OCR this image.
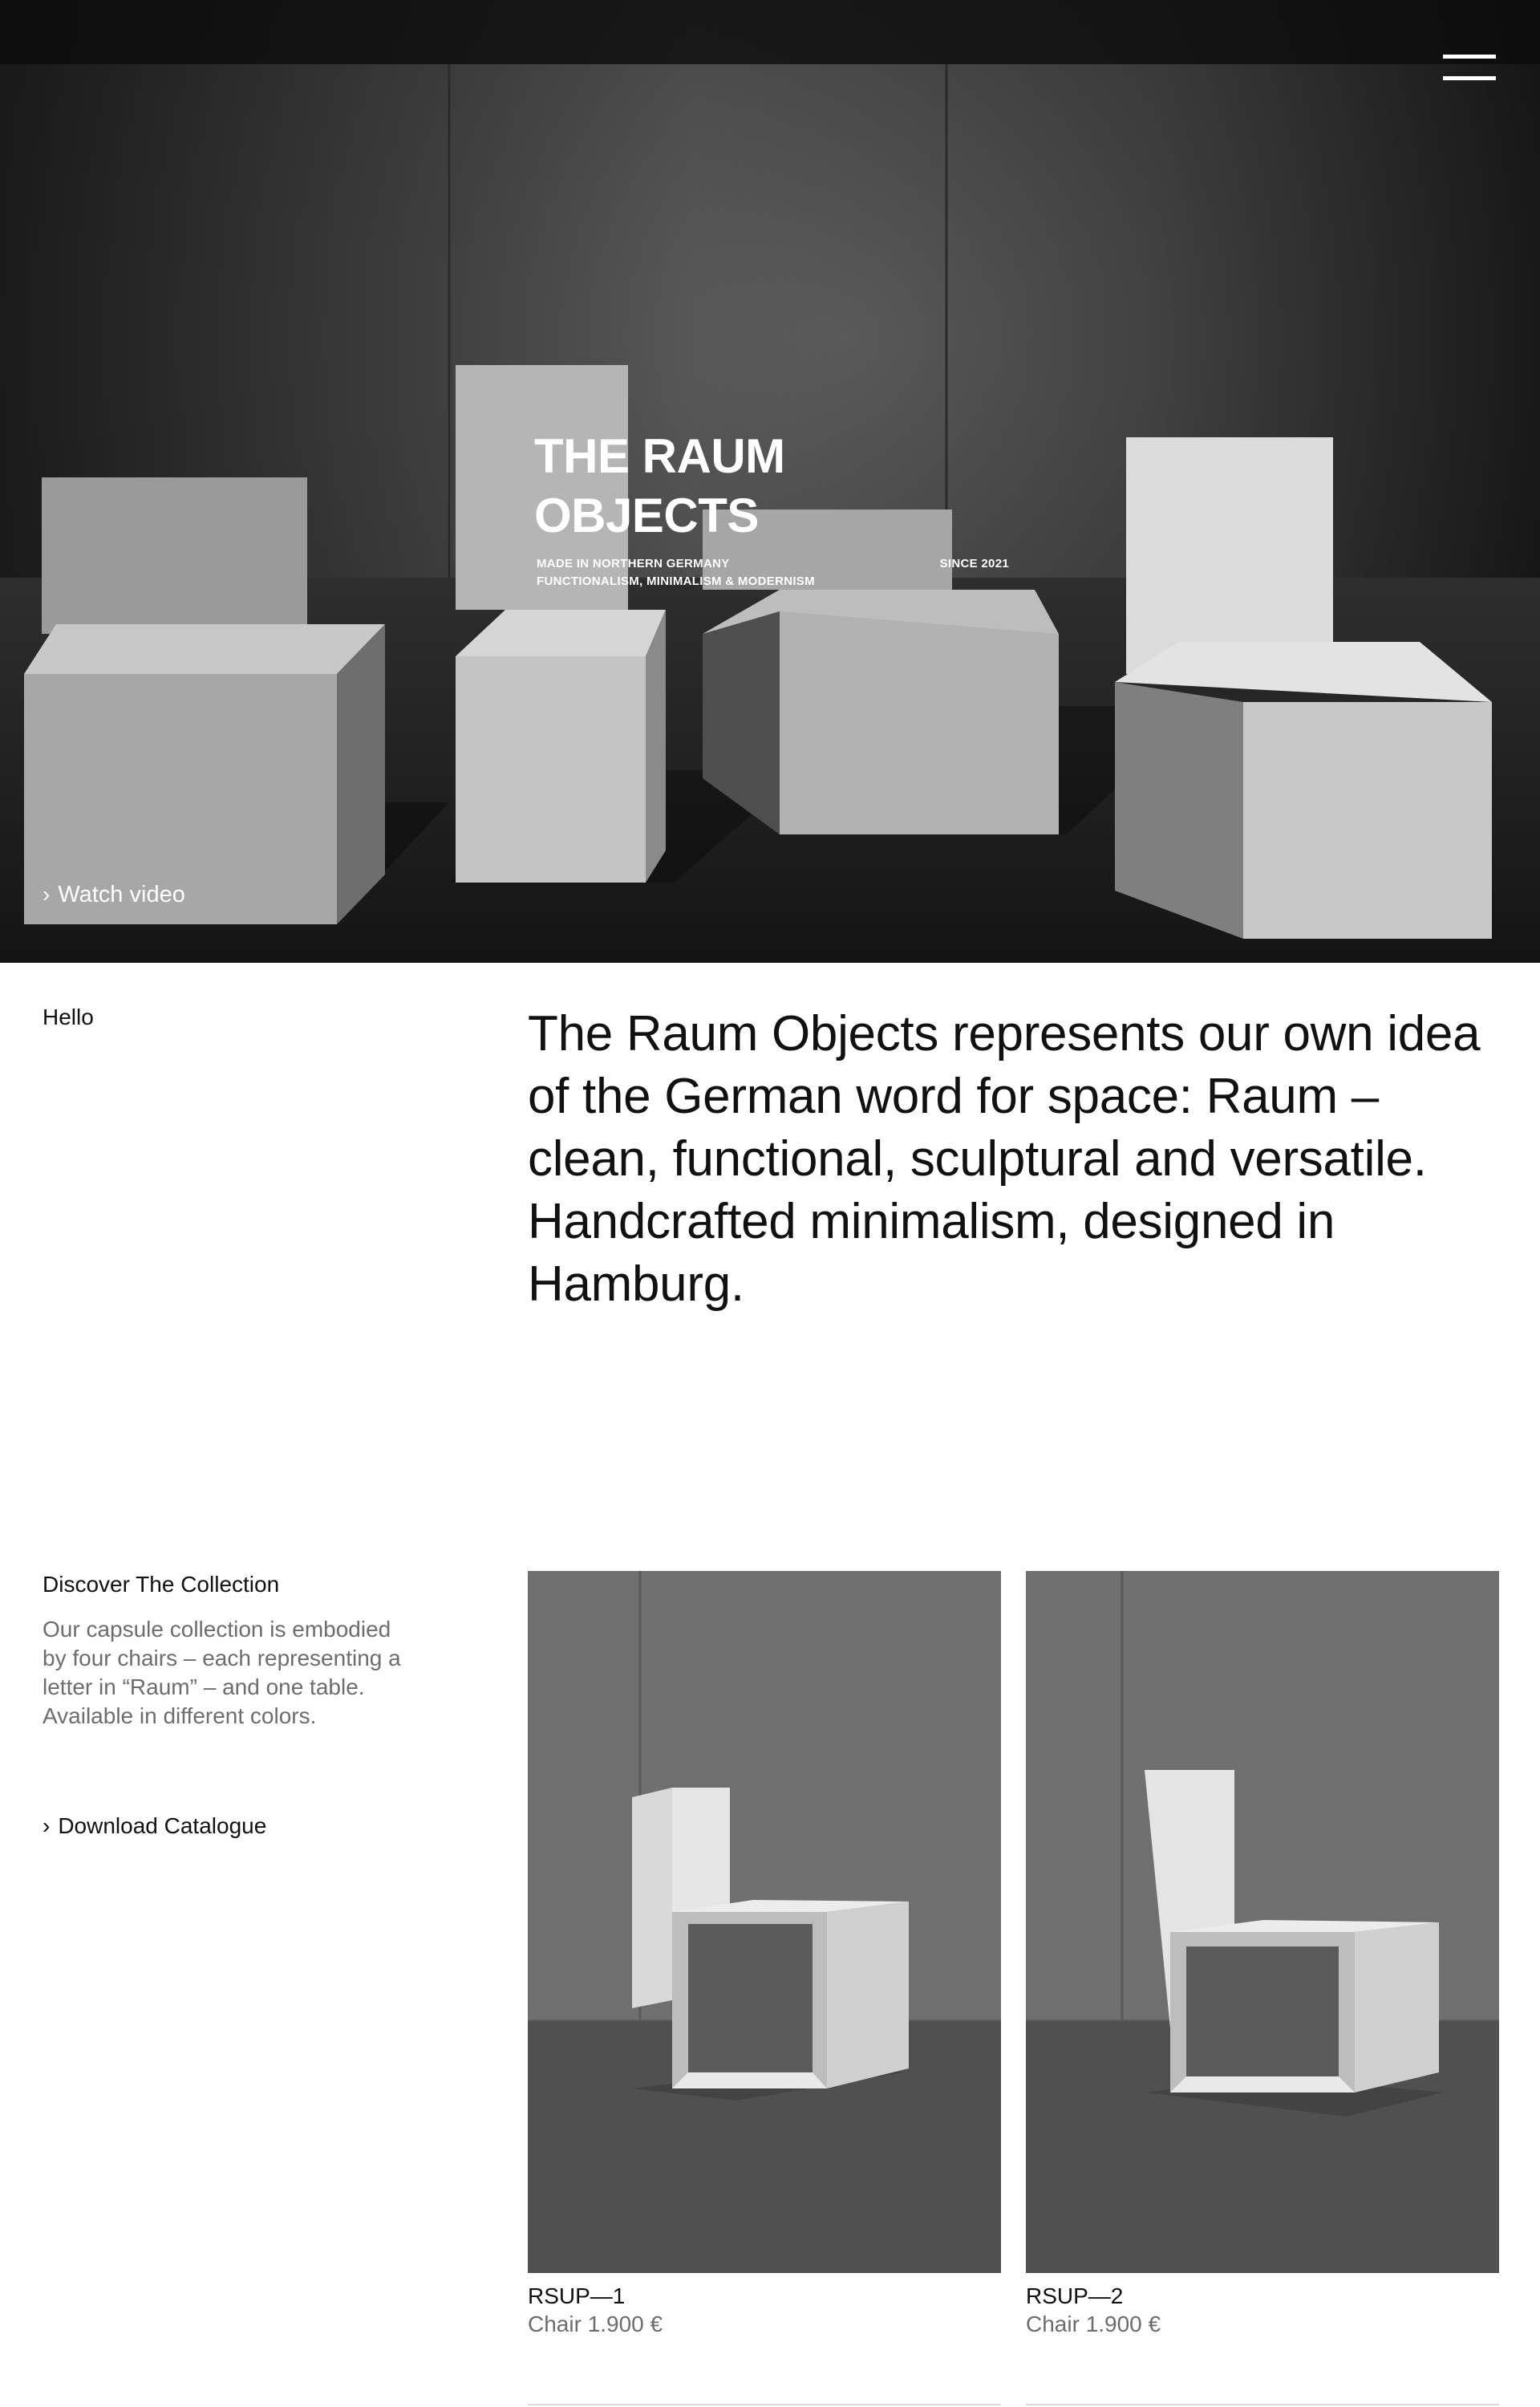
THE RAUM OBJECTS
MADE IN NORTHERN GERMANY
FUNCTIONALISM, MINIMALISM & MODERNISM
SINCE 2021
› Watch video
Hello	The Raum Objects represents our own idea of the German word for space: Raum – clean, functional, sculptural and versatile. Handcrafted minimalism, designed in Hamburg.

Discover The Collection
Our capsule collection is embodied by four chairs – each representing a letter in “Raum” – and one table. Available in different colors.
› Download Catalogue
RSUP—1
Chair 1.900 €
RSUP—2
Chair 1.900 €
